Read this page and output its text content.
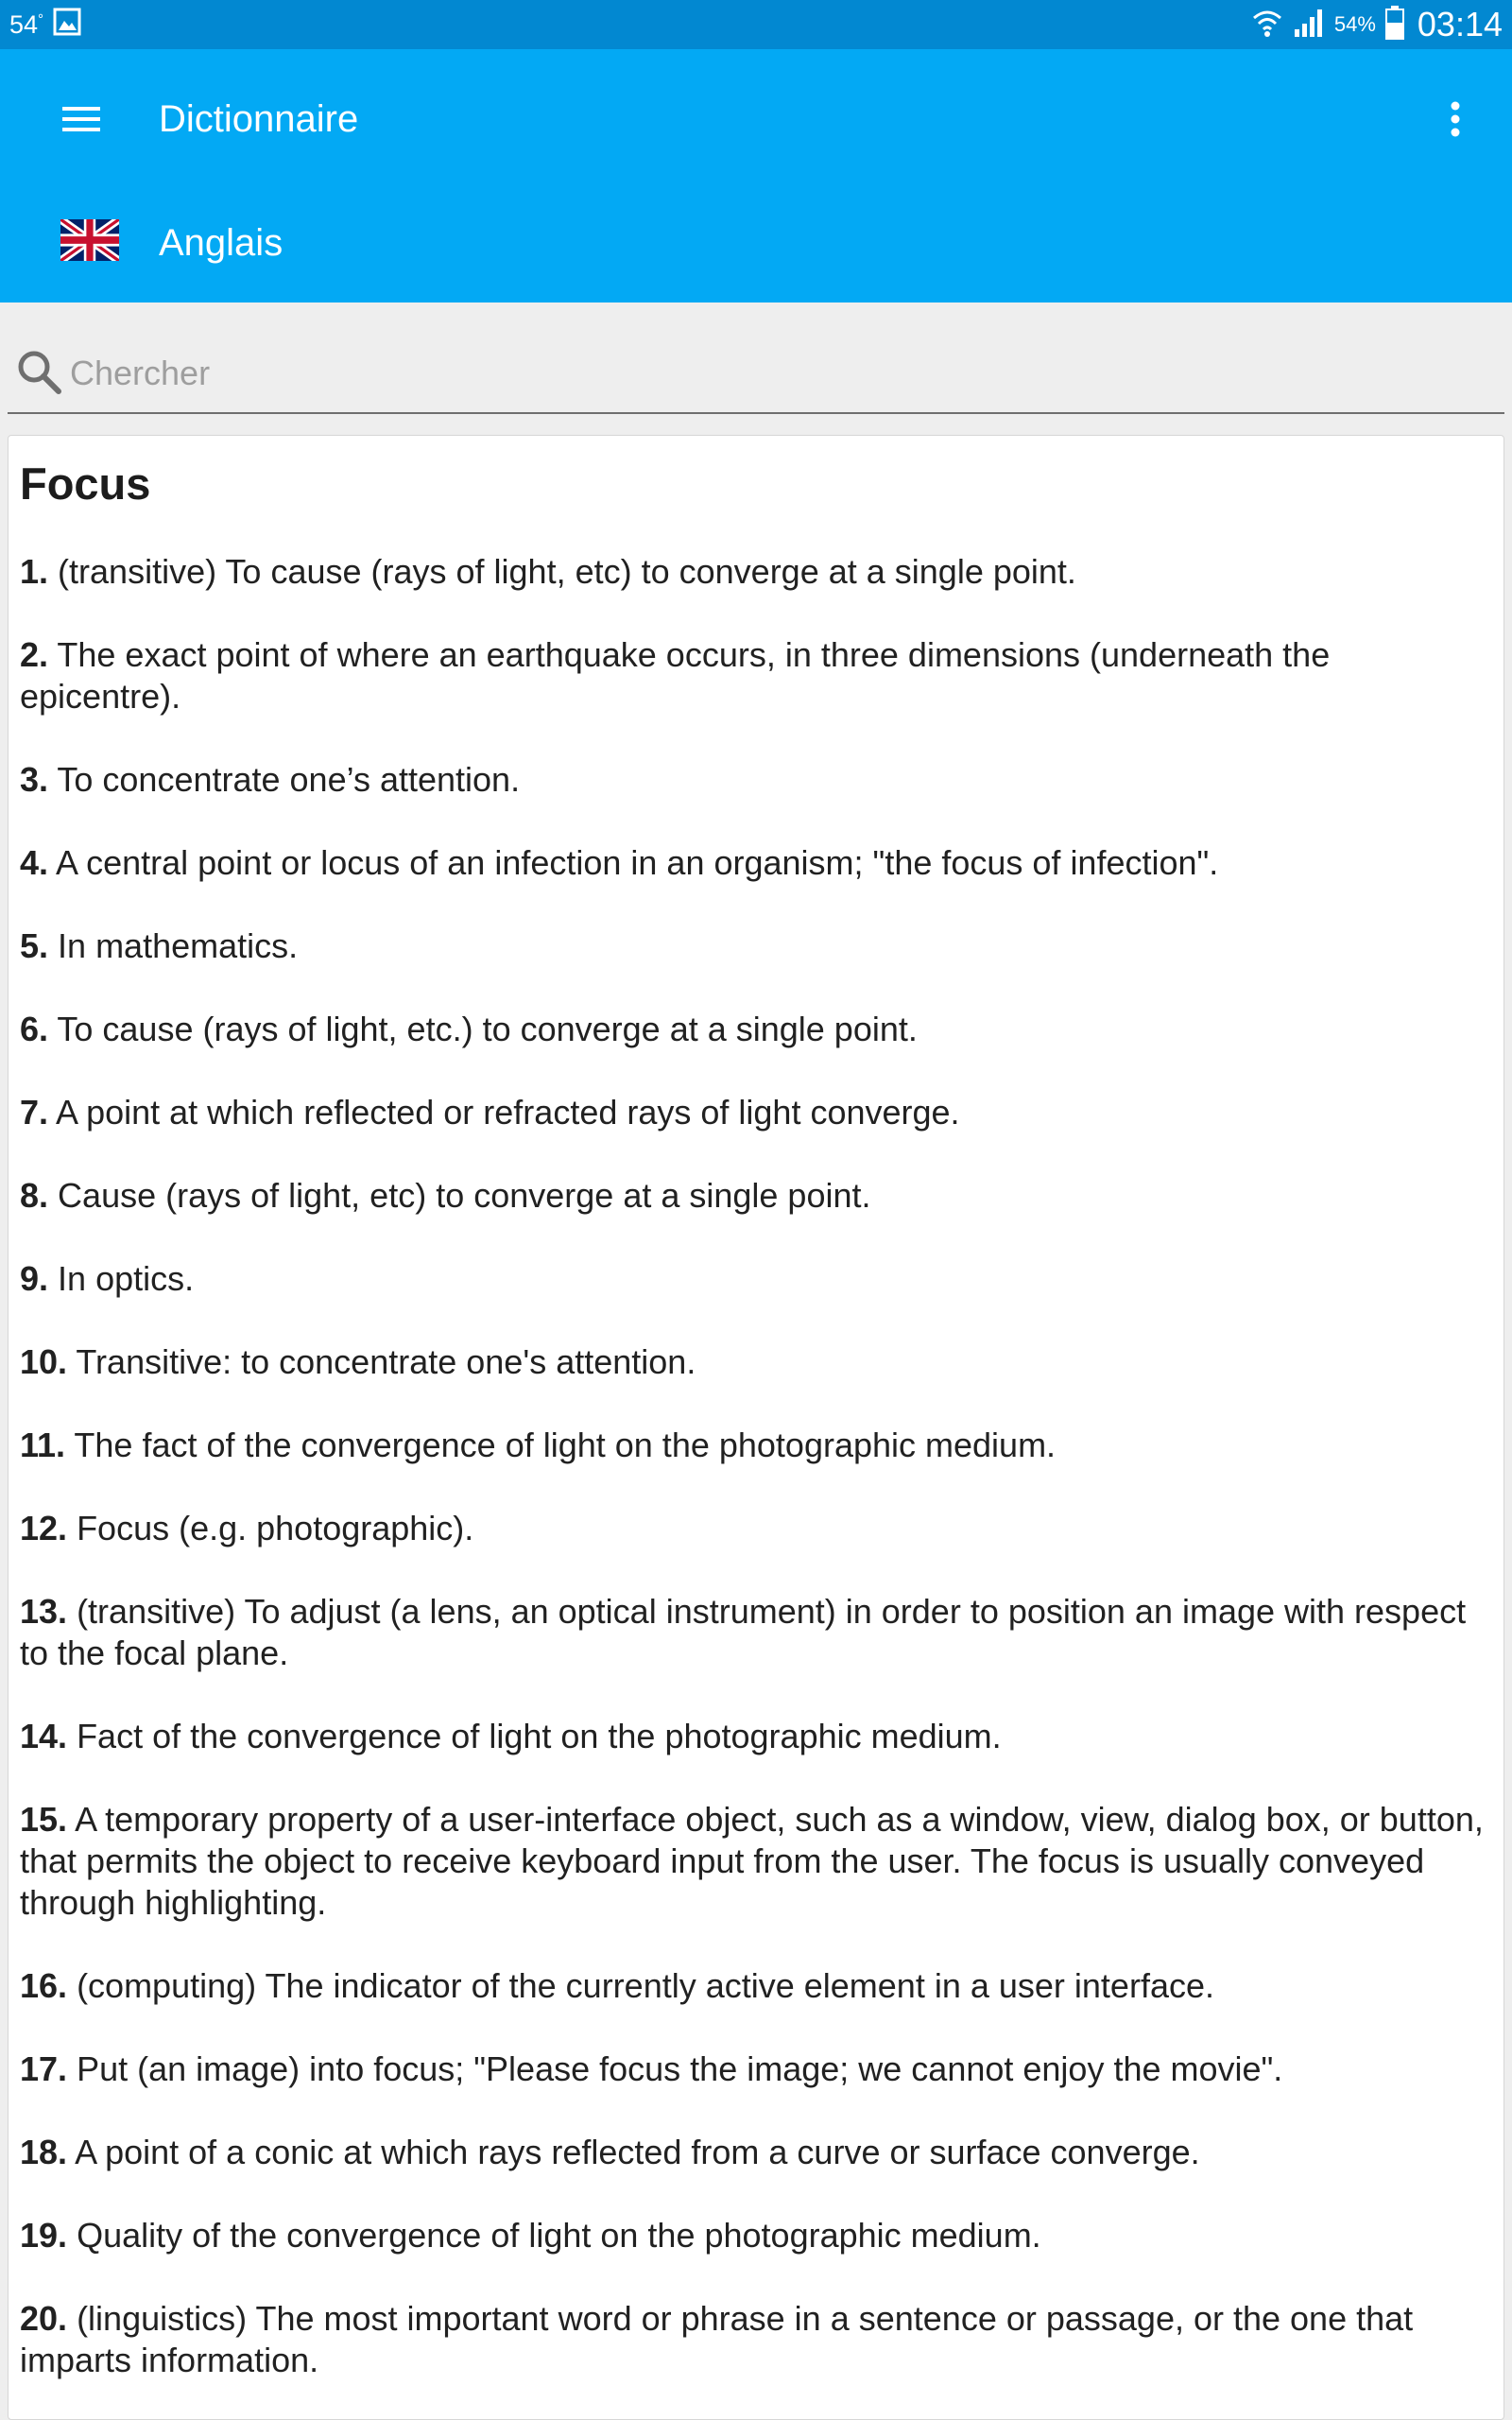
54°	54% 03:14
Dictionnaire
Anglais
Chercher
Focus
1. (transitive) To cause (rays of light, etc) to converge at a single point.
2. The exact point of where an earthquake occurs, in three dimensions (underneath the epicentre).
3. To concentrate one’s attention.
4. A central point or locus of an infection in an organism; "the focus of infection".
5. In mathematics.
6. To cause (rays of light, etc.) to converge at a single point.
7. A point at which reflected or refracted rays of light converge.
8. Cause (rays of light, etc) to converge at a single point.
9. In optics.
10. Transitive: to concentrate one's attention.
11. The fact of the convergence of light on the photographic medium.
12. Focus (e.g. photographic).
13. (transitive) To adjust (a lens, an optical instrument) in order to position an image with respect to the focal plane.
14. Fact of the convergence of light on the photographic medium.
15. A temporary property of a user-interface object, such as a window, view, dialog box, or button, that permits the object to receive keyboard input from the user. The focus is usually conveyed through highlighting.
16. (computing) The indicator of the currently active element in a user interface.
17. Put (an image) into focus; "Please focus the image; we cannot enjoy the movie".
18. A point of a conic at which rays reflected from a curve or surface converge.
19. Quality of the convergence of light on the photographic medium.
20. (linguistics) The most important word or phrase in a sentence or passage, or the one that imparts information.
